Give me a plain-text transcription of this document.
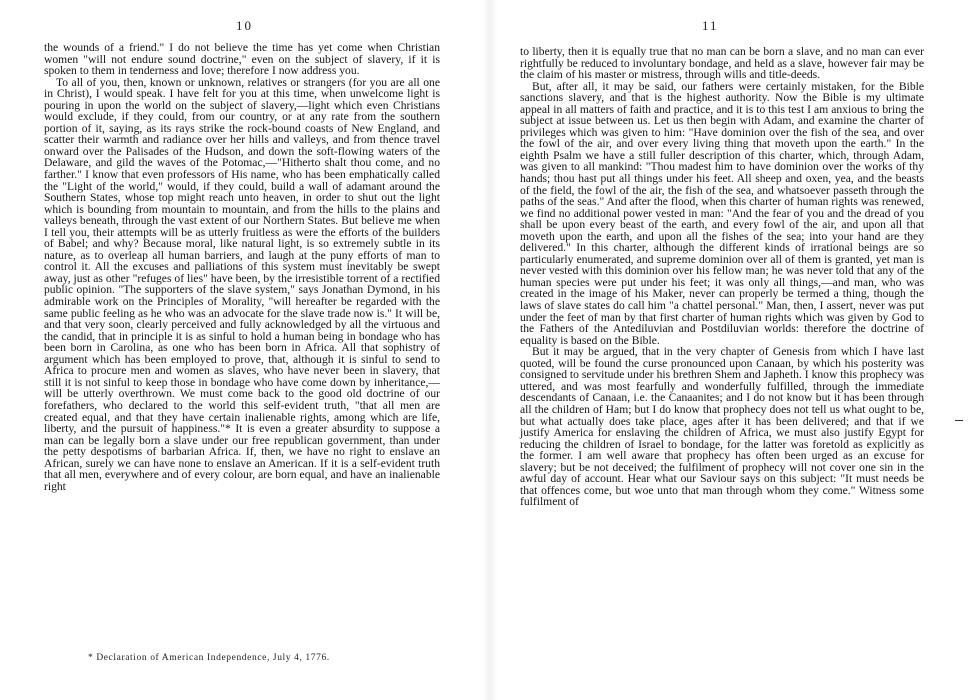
10

the wounds of a friend." I do not believe the time has yet come when Christian women "will not endure sound doctrine," even on the subject of slavery, if it is spoken to them in tenderness and love; therefore I now address you.

To all of you, then, known or unknown, relatives or strangers (for you are all one in Christ), I would speak. I have felt for you at this time, when unwelcome light is pouring in upon the world on the subject of slavery,—light which even Christians would exclude, if they could, from our country, or at any rate from the southern portion of it, saying, as its rays strike the rock-bound coasts of New England, and scatter their warmth and radiance over her hills and valleys, and from thence travel onward over the Palisades of the Hudson, and down the soft-flowing waters of the Delaware, and gild the waves of the Potomac,—"Hitherto shalt thou come, and no farther." I know that even professors of His name, who has been emphatically called the "Light of the world," would, if they could, build a wall of adamant around the Southern States, whose top might reach unto heaven, in order to shut out the light which is bounding from mountain to mountain, and from the hills to the plains and valleys beneath, through the vast extent of our Northern States. But believe me when I tell you, their attempts will be as utterly fruitless as were the efforts of the builders of Babel; and why? Because moral, like natural light, is so extremely subtle in its nature, as to overleap all human barriers, and laugh at the puny efforts of man to control it. All the excuses and palliations of this system must inevitably be swept away, just as other "refuges of lies" have been, by the irresistible torrent of a rectified public opinion. "The supporters of the slave system," says Jonathan Dymond, in his admirable work on the Principles of Morality, "will hereafter be regarded with the same public feeling as he who was an advocate for the slave trade now is." It will be, and that very soon, clearly perceived and fully acknowledged by all the virtuous and the candid, that in principle it is as sinful to hold a human being in bondage who has been born in Carolina, as one who has been born in Africa. All that sophistry of argument which has been employed to prove, that, although it is sinful to send to Africa to procure men and women as slaves, who have never been in slavery, that still it is not sinful to keep those in bondage who have come down by inheritance,—will be utterly overthrown. We must come back to the good old doctrine of our forefathers, who declared to the world this self-evident truth, "that all men are created equal, and that they have certain inalienable rights, among which are life, liberty, and the pursuit of happiness."* It is even a greater absurdity to suppose a man can be legally born a slave under our free republican government, than under the petty despotisms of barbarian Africa. If, then, we have no right to enslave an African, surely we can have none to enslave an American. If it is a self-evident truth that all men, everywhere and of every colour, are born equal, and have an inalienable right

* Declaration of American Independence, July 4, 1776.
11

to liberty, then it is equally true that no man can be born a slave, and no man can ever rightfully be reduced to involuntary bondage, and held as a slave, however fair may be the claim of his master or mistress, through wills and title-deeds.

But, after all, it may be said, our fathers were certainly mistaken, for the Bible sanctions slavery, and that is the highest authority. Now the Bible is my ultimate appeal in all matters of faith and practice, and it is to this test I am anxious to bring the subject at issue between us. Let us then begin with Adam, and examine the charter of privileges which was given to him: "Have dominion over the fish of the sea, and over the fowl of the air, and over every living thing that moveth upon the earth." In the eighth Psalm we have a still fuller description of this charter, which, through Adam, was given to all mankind: "Thou madest him to have dominion over the works of thy hands; thou hast put all things under his feet. All sheep and oxen, yea, and the beasts of the field, the fowl of the air, the fish of the sea, and whatsoever passeth through the paths of the seas." And after the flood, when this charter of human rights was renewed, we find no additional power vested in man: "And the fear of you and the dread of you shall be upon every beast of the earth, and every fowl of the air, and upon all that moveth upon the earth, and upon all the fishes of the sea; into your hand are they delivered." In this charter, although the different kinds of irrational beings are so particularly enumerated, and supreme dominion over all of them is granted, yet man is never vested with this dominion over his fellow man; he was never told that any of the human species were put under his feet; it was only all things,—and man, who was created in the image of his Maker, never can properly be termed a thing, though the laws of slave states do call him "a chattel personal." Man, then, I assert, never was put under the feet of man by that first charter of human rights which was given by God to the Fathers of the Antediluvian and Postdiluvian worlds: therefore the doctrine of equality is based on the Bible.

But it may be argued, that in the very chapter of Genesis from which I have last quoted, will be found the curse pronounced upon Canaan, by which his posterity was consigned to servitude under his brethren Shem and Japheth. I know this prophecy was uttered, and was most fearfully and wonderfully fulfilled, through the immediate descendants of Canaan, i.e. the Canaanites; and I do not know but it has been through all the children of Ham; but I do know that prophecy does not tell us what ought to be, but what actually does take place, ages after it has been delivered; and that if we justify America for enslaving the children of Africa, we must also justify Egypt for reducing the children of Israel to bondage, for the latter was foretold as explicitly as the former. I am well aware that prophecy has often been urged as an excuse for slavery; but be not deceived; the fulfilment of prophecy will not cover one sin in the awful day of account. Hear what our Saviour says on this subject: "It must needs be that offences come, but woe unto that man through whom they come." Witness some fulfilment of
